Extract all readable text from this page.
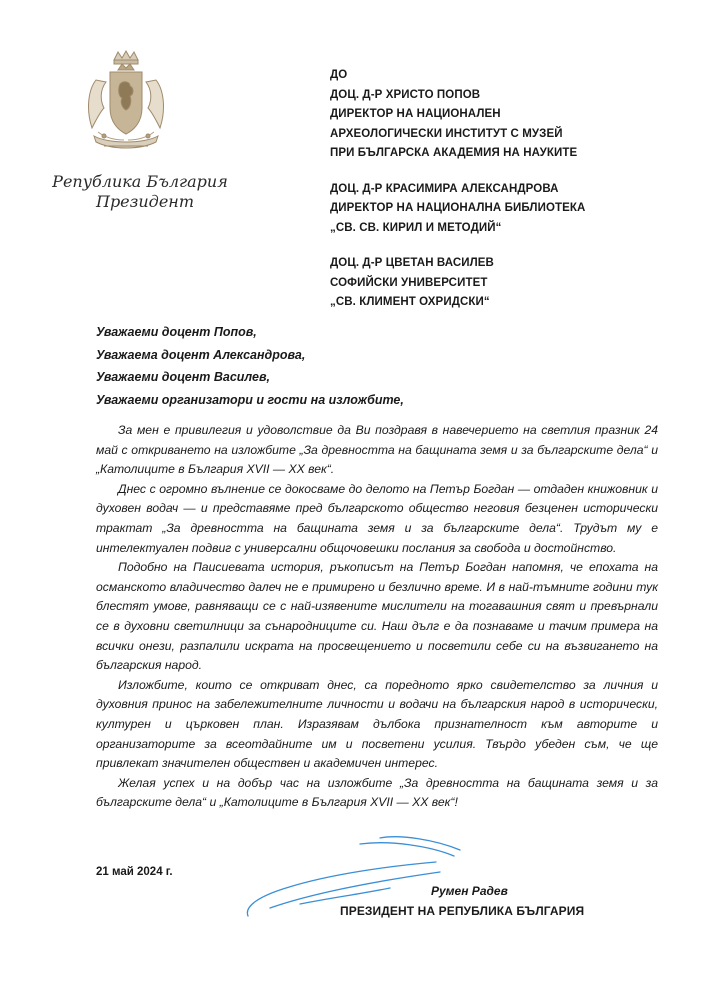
Република България
Президент
ДО
ДОЦ. Д-Р ХРИСТО ПОПОВ
ДИРЕКТОР НА НАЦИОНАЛЕН
АРХЕОЛОГИЧЕСКИ ИНСТИТУТ С МУЗЕЙ
ПРИ БЪЛГАРСКА АКАДЕМИЯ НА НАУКИТЕ
ДОЦ. Д-Р КРАСИМИРА АЛЕКСАНДРОВА
ДИРЕКТОР НА НАЦИОНАЛНА БИБЛИОТЕКА
„СВ. СВ. КИРИЛ И МЕТОДИЙ“
ДОЦ. Д-Р ЦВЕТАН ВАСИЛЕВ
СОФИЙСКИ УНИВЕРСИТЕТ
„СВ. КЛИМЕНТ ОХРИДСКИ“
Уважаеми доцент Попов,
Уважаема доцент Александрова,
Уважаеми доцент Василев,
Уважаеми организатори и гости на изложбите,

За мен е привилегия и удоволствие да Ви поздравя в навечерието на светлия празник 24 май с откриването на изложбите „За древността на бащината земя и за българските дела“ и „Католиците в България XVII — XX век“.

Днес с огромно вълнение се докосваме до делото на Петър Богдан — отдаден книжовник и духовен водач — и представяме пред българското общество неговия безценен исторически трактат „За древността на бащината земя и за българските дела“. Трудът му е интелектуален подвиг с универсални общочовешки послания за свобода и достойнство.

Подобно на Паисиевата история, ръкописът на Петър Богдан напомня, че епохата на османското владичество далеч не е примирено и безлично време. И в най-тъмните години тук блестят умове, равняващи се с най-изявените мислители на тогавашния свят и превърнали се в духовни светилници за сънародниците си. Наш дълг е да познаваме и тачим примера на всички онези, разпалили искрата на просвещението и посветили себе си на възвигането на българския народ.

Изложбите, които се откриват днес, са поредното ярко свидетелство за личния и духовния принос на забележителните личности и водачи на българския народ в исторически, културен и църковен план. Изразявам дълбока признателност към авторите и организаторите за всеотдайните им и посветени усилия. Твърдо убеден съм, че ще привлекат значителен обществен и академичен интерес.

Желая успех и на добър час на изложбите „За древността на бащината земя и за българските дела“ и „Католиците в България XVII — XX век“!

21 май 2024 г.
Румен Радев
ПРЕЗИДЕНТ НА РЕПУБЛИКА БЪЛГАРИЯ
